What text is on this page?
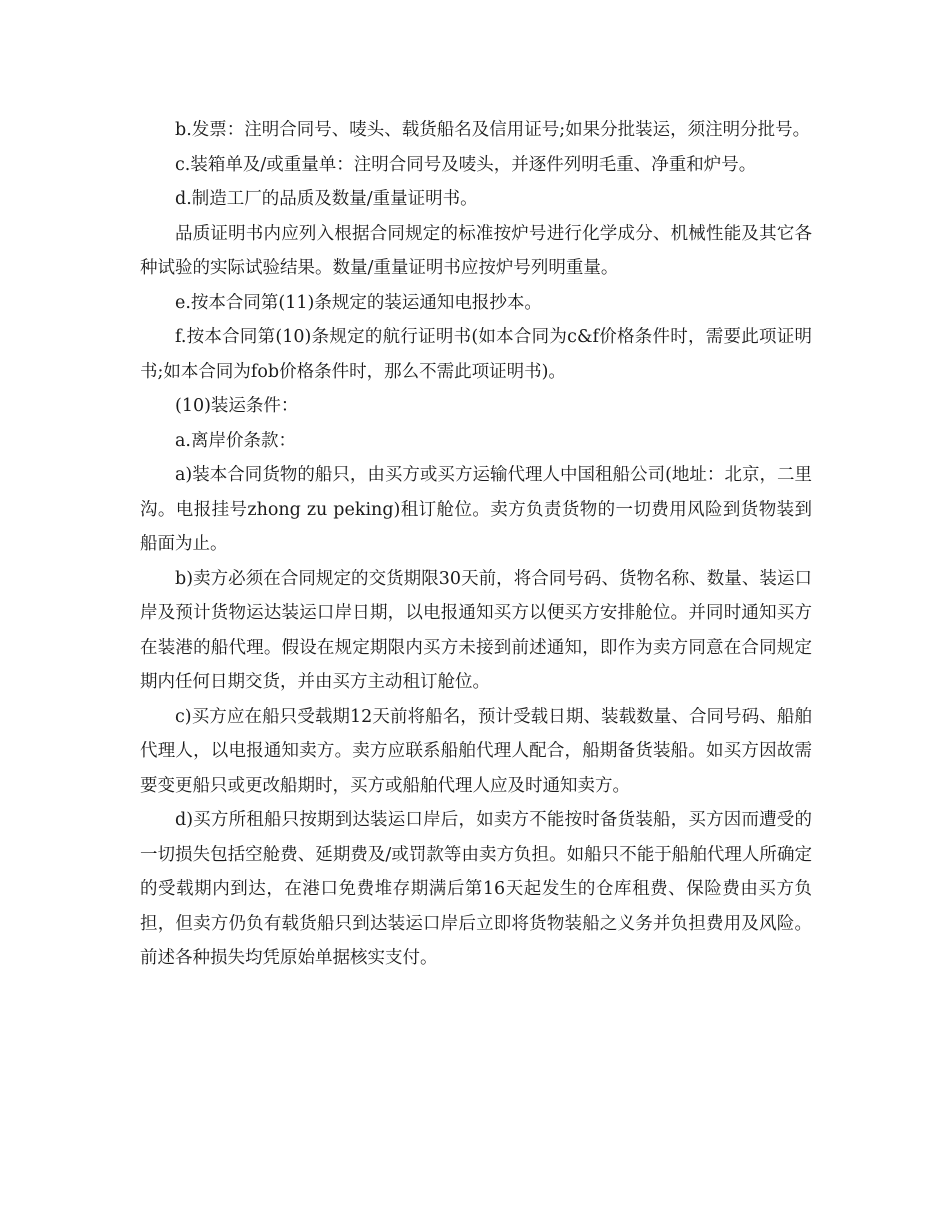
b.发票：注明合同号、唛头、载货船名及信用证号;如果分批装运，须注明分批号。

c.装箱单及/或重量单：注明合同号及唛头，并逐件列明毛重、净重和炉号。

d.制造工厂的品质及数量/重量证明书。

品质证明书内应列入根据合同规定的标准按炉号进行化学成分、机械性能及其它各种试验的实际试验结果。数量/重量证明书应按炉号列明重量。

e.按本合同第(11)条规定的装运通知电报抄本。

f.按本合同第(10)条规定的航行证明书(如本合同为c&f价格条件时，需要此项证明书;如本合同为fob价格条件时，那么不需此项证明书)。

(10)装运条件：

a.离岸价条款：

a)装本合同货物的船只，由买方或买方运输代理人中国租船公司(地址：北京，二里沟。电报挂号zhong zu peking)租订舱位。卖方负责货物的一切费用风险到货物装到船面为止。

b)卖方必须在合同规定的交货期限30天前，将合同号码、货物名称、数量、装运口岸及预计货物运达装运口岸日期，以电报通知买方以便买方安排舱位。并同时通知买方在装港的船代理。假设在规定期限内买方未接到前述通知，即作为卖方同意在合同规定期内任何日期交货，并由买方主动租订舱位。

c)买方应在船只受载期12天前将船名，预计受载日期、装载数量、合同号码、船舶代理人，以电报通知卖方。卖方应联系船舶代理人配合，船期备货装船。如买方因故需要变更船只或更改船期时，买方或船舶代理人应及时通知卖方。

d)买方所租船只按期到达装运口岸后，如卖方不能按时备货装船，买方因而遭受的一切损失包括空舱费、延期费及/或罚款等由卖方负担。如船只不能于船舶代理人所确定的受载期内到达，在港口免费堆存期满后第16天起发生的仓库租费、保险费由买方负担，但卖方仍负有载货船只到达装运口岸后立即将货物装船之义务并负担费用及风险。前述各种损失均凭原始单据核实支付。
